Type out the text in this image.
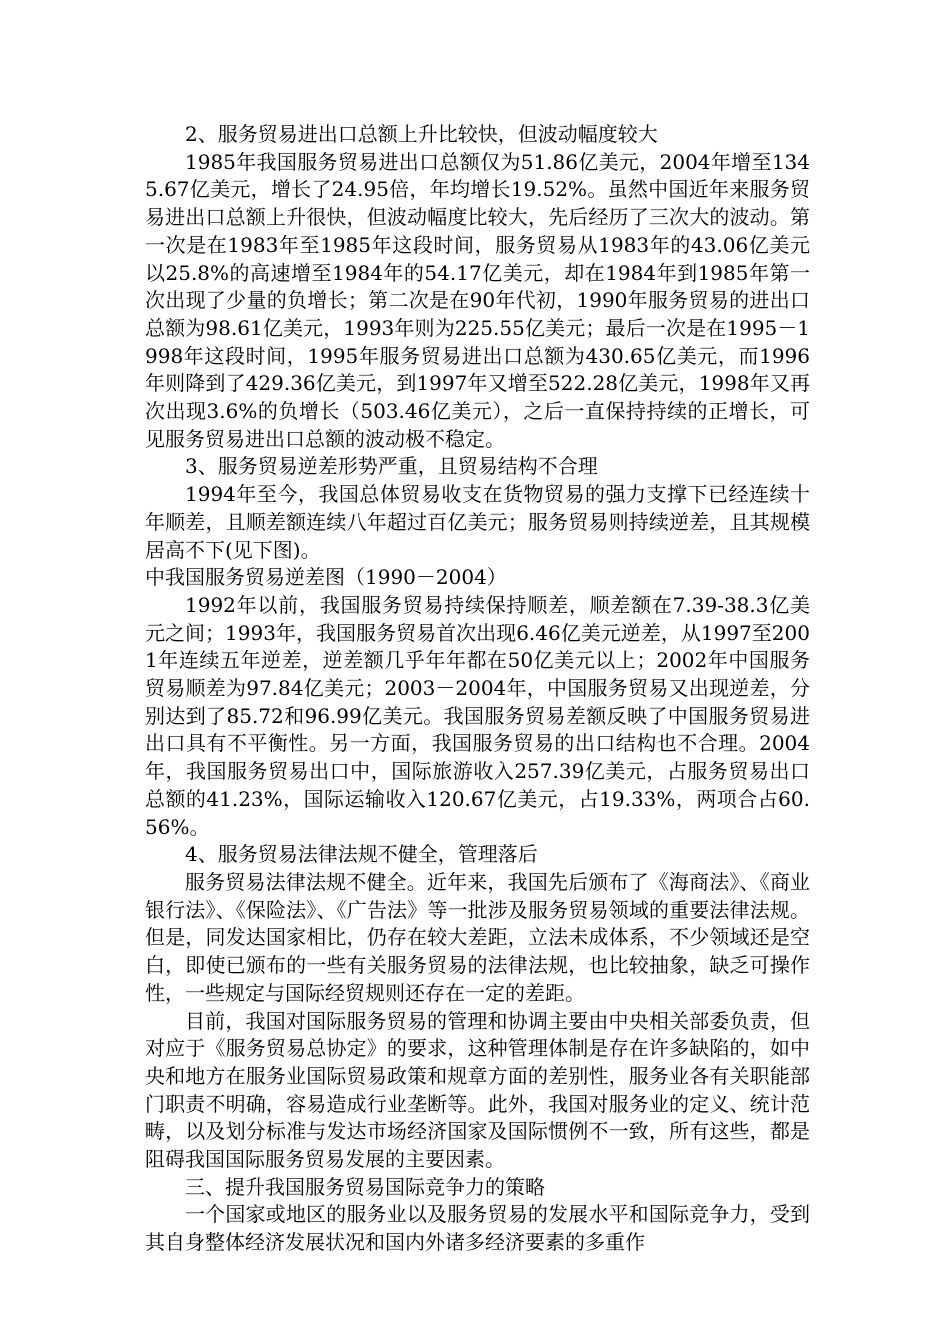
2、服务贸易进出口总额上升比较快，但波动幅度较大

1985年我国服务贸易进出口总额仅为51.86亿美元，2004年增至1345.67亿美元，增长了24.95倍，年均增长19.52%。虽然中国近年来服务贸易进出口总额上升很快，但波动幅度比较大，先后经历了三次大的波动。第一次是在1983年至1985年这段时间，服务贸易从1983年的43.06亿美元以25.8%的高速增至1984年的54.17亿美元，却在1984年到1985年第一次出现了少量的负增长；第二次是在90年代初，1990年服务贸易的进出口总额为98.61亿美元，1993年则为225.55亿美元；最后一次是在1995－1998年这段时间，1995年服务贸易进出口总额为430.65亿美元，而1996年则降到了429.36亿美元，到1997年又增至522.28亿美元，1998年又再次出现3.6%的负增长（503.46亿美元），之后一直保持持续的正增长，可见服务贸易进出口总额的波动极不稳定。

3、服务贸易逆差形势严重，且贸易结构不合理

1994年至今，我国总体贸易收支在货物贸易的强力支撑下已经连续十年顺差，且顺差额连续八年超过百亿美元；服务贸易则持续逆差，且其规模居高不下(见下图)。

中我国服务贸易逆差图（1990－2004）

1992年以前，我国服务贸易持续保持顺差，顺差额在7.39-38.3亿美元之间；1993年，我国服务贸易首次出现6.46亿美元逆差，从1997至2001年连续五年逆差，逆差额几乎年年都在50亿美元以上；2002年中国服务贸易顺差为97.84亿美元；2003－2004年，中国服务贸易又出现逆差，分别达到了85.72和96.99亿美元。我国服务贸易差额反映了中国服务贸易进出口具有不平衡性。另一方面，我国服务贸易的出口结构也不合理。2004年，我国服务贸易出口中，国际旅游收入257.39亿美元，占服务贸易出口总额的41.23%，国际运输收入120.67亿美元，占19.33%，两项合占60.56%。

4、服务贸易法律法规不健全，管理落后

服务贸易法律法规不健全。近年来，我国先后颁布了《海商法》、《商业银行法》、《保险法》、《广告法》等一批涉及服务贸易领域的重要法律法规。但是，同发达国家相比，仍存在较大差距，立法未成体系，不少领域还是空白，即使已颁布的一些有关服务贸易的法律法规，也比较抽象，缺乏可操作性，一些规定与国际经贸规则还存在一定的差距。

目前，我国对国际服务贸易的管理和协调主要由中央相关部委负责，但对应于《服务贸易总协定》的要求，这种管理体制是存在许多缺陷的，如中央和地方在服务业国际贸易政策和规章方面的差别性，服务业各有关职能部门职责不明确，容易造成行业垄断等。此外，我国对服务业的定义、统计范畴，以及划分标准与发达市场经济国家及国际惯例不一致，所有这些，都是阻碍我国国际服务贸易发展的主要因素。

三、提升我国服务贸易国际竞争力的策略

一个国家或地区的服务业以及服务贸易的发展水平和国际竞争力，受到其自身整体经济发展状况和国内外诸多经济要素的多重作
